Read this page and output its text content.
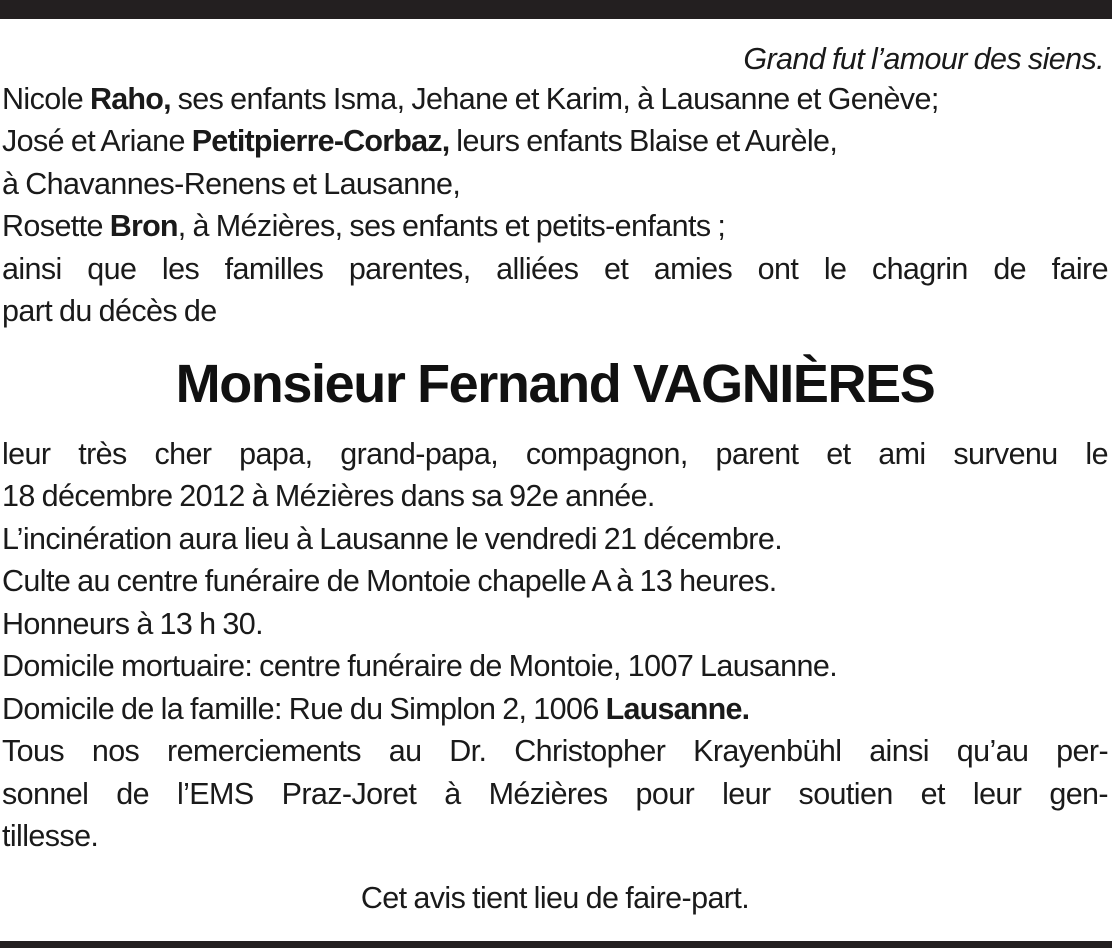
Grand fut l’amour des siens.
Nicole Raho, ses enfants Isma, Jehane et Karim, à Lausanne et Genève;
José et Ariane Petitpierre-Corbaz, leurs enfants Blaise et Aurèle,
à Chavannes-Renens et Lausanne,
Rosette Bron, à Mézières, ses enfants et petits-enfants ;
ainsi que les familles parentes, alliées et amies ont le chagrin de faire
part du décès de
Monsieur Fernand VAGNIÈRES
leur très cher papa, grand-papa, compagnon, parent et ami survenu le
18 décembre 2012 à Mézières dans sa 92e année.
L’incinération aura lieu à Lausanne le vendredi 21 décembre.
Culte au centre funéraire de Montoie chapelle A à 13 heures.
Honneurs à 13 h 30.
Domicile mortuaire: centre funéraire de Montoie, 1007 Lausanne.
Domicile de la famille: Rue du Simplon 2, 1006 Lausanne.
Tous nos remerciements au Dr. Christopher Krayenbühl ainsi qu’au per-
sonnel de l’EMS Praz-Joret à Mézières pour leur soutien et leur gen-
tillesse.
Cet avis tient lieu de faire-part.
